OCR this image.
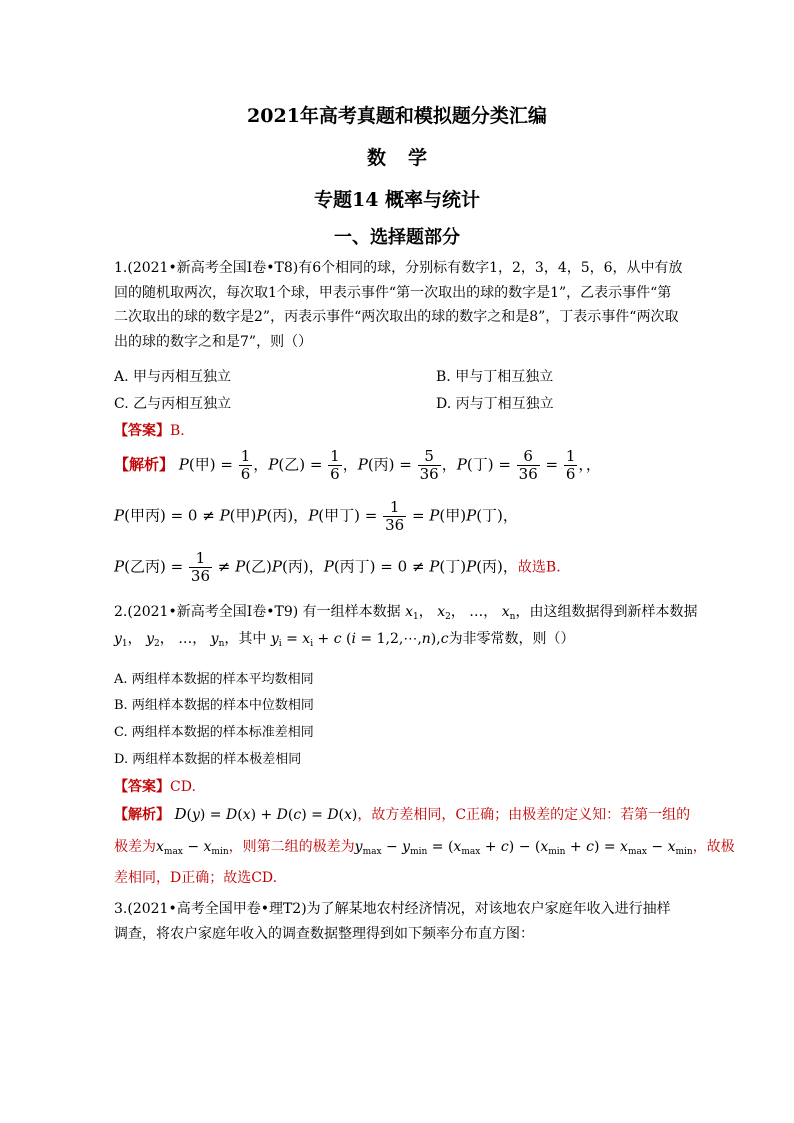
2021年高考真题和模拟题分类汇编
数学
专题14 概率与统计
一、选择题部分
1.(2021•新高考全国Ⅰ卷•T8)有6个相同的球，分别标有数字1，2，3，4，5，6，从中有放回的随机取两次，每次取1个球，甲表示事件“第一次取出的球的数字是1”，乙表示事件“第二次取出的球的数字是2”，丙表示事件“两次取出的球的数字之和是8”，丁表示事件“两次取出的球的数字之和是7”，则（）
A. 甲与丙相互独立	B. 甲与丁相互独立
C. 乙与丙相互独立	D. 丙与丁相互独立
【答案】B.
【解析】 P(甲) = $\frac{1}{6}$ ，P(乙) = $\frac{1}{6}$ ，P(丙) = $\frac{5}{36}$ ，P(丁) = $\frac{6}{36} = \frac{1}{6}$ ，，
P(甲丙) = 0 ≠ P(甲)P(丙)，P(甲丁) = $\frac{1}{36} = P$(甲)P(丁)，
P(乙丙) = $\frac{1}{36} \ne P$(乙)P(丙)，P(丙丁) = 0 ≠ P(丁)P(丙)，故选B.
2.(2021•新高考全国Ⅰ卷•T9) 有一组样本数据 $x_1$， $x_2$， …， $x_n$，由这组数据得到新样本数据
$y_1$， $y_2$， …， $y_n$，其中 $y_i = x_i + c$ (i = 1,2,⋯,n),c为非零常数，则（）
A. 两组样本数据的样本平均数相同
B. 两组样本数据的样本中位数相同
C. 两组样本数据的样本标准差相同
D. 两组样本数据的样本极差相同
【答案】CD.
【解析】 D(y) = D(x) + D(c) = D(x)，故方差相同，C正确；由极差的定义知：若第一组的
极差为$x_{max} - x_{min}$，则第二组的极差为$y_{max} - y_{min} = (x_{max} + c) - (x_{min} + c) = x_{max} - x_{min}$，故极
差相同，D正确；故选CD.
3.(2021•高考全国甲卷•理T2)为了解某地农村经济情况，对该地农户家庭年收入进行抽样调查，将农户家庭年收入的调查数据整理得到如下频率分布直方图：
